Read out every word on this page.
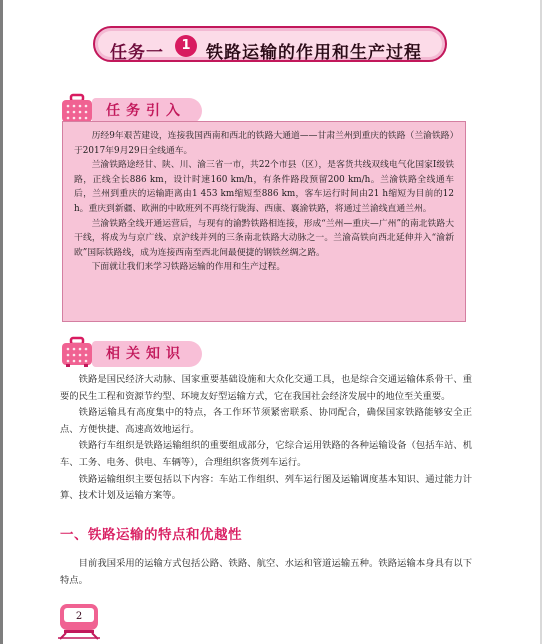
任务一	1 铁路运输的作用和生产过程
任务引入

历经9年艰苦建设，连接我国西南和西北的铁路大通道——甘肃兰州到重庆的铁路（兰渝铁路）于2017年9月29日全线通车。

兰渝铁路途经甘、陕、川、渝三省一市，共22个市县（区），是客货共线双线电气化国家Ⅰ级铁路，正线全长886 km，设计时速160 km/h，有条件路段预留200 km/h。兰渝铁路全线通车后，兰州到重庆的运输距离由1 453 km缩短至886 km，客车运行时间由21 h缩短为目前的12 h。重庆到新疆、欧洲的中欧班列不再绕行陇海、西康、襄渝铁路，将通过兰渝线直通兰州。

兰渝铁路全线开通运营后，与现有的渝黔铁路相连接，形成“兰州—重庆—广州”的南北铁路大干线，将成为与京广线、京沪线并列的三条南北铁路大动脉之一。兰渝高铁向西北延伸并入“渝新欧”国际铁路线，成为连接西南至西北间最便捷的钢铁丝绸之路。

下面就让我们来学习铁路运输的作用和生产过程。

相关知识

铁路是国民经济大动脉、国家重要基础设施和大众化交通工具，也是综合交通运输体系骨干、重要的民生工程和资源节约型、环境友好型运输方式，它在我国社会经济发展中的地位至关重要。

铁路运输具有高度集中的特点，各工作环节须紧密联系、协同配合，确保国家铁路能够安全正点、方便快捷、高速高效地运行。

铁路行车组织是铁路运输组织的重要组成部分，它综合运用铁路的各种运输设备（包括车站、机车、工务、电务、供电、车辆等），合理组织客货列车运行。

铁路运输组织主要包括以下内容：车站工作组织、列车运行图及运输调度基本知识、通过能力计算、技术计划及运输方案等。

一、铁路运输的特点和优越性

目前我国采用的运输方式包括公路、铁路、航空、水运和管道运输五种。铁路运输本身具有以下特点。

2
